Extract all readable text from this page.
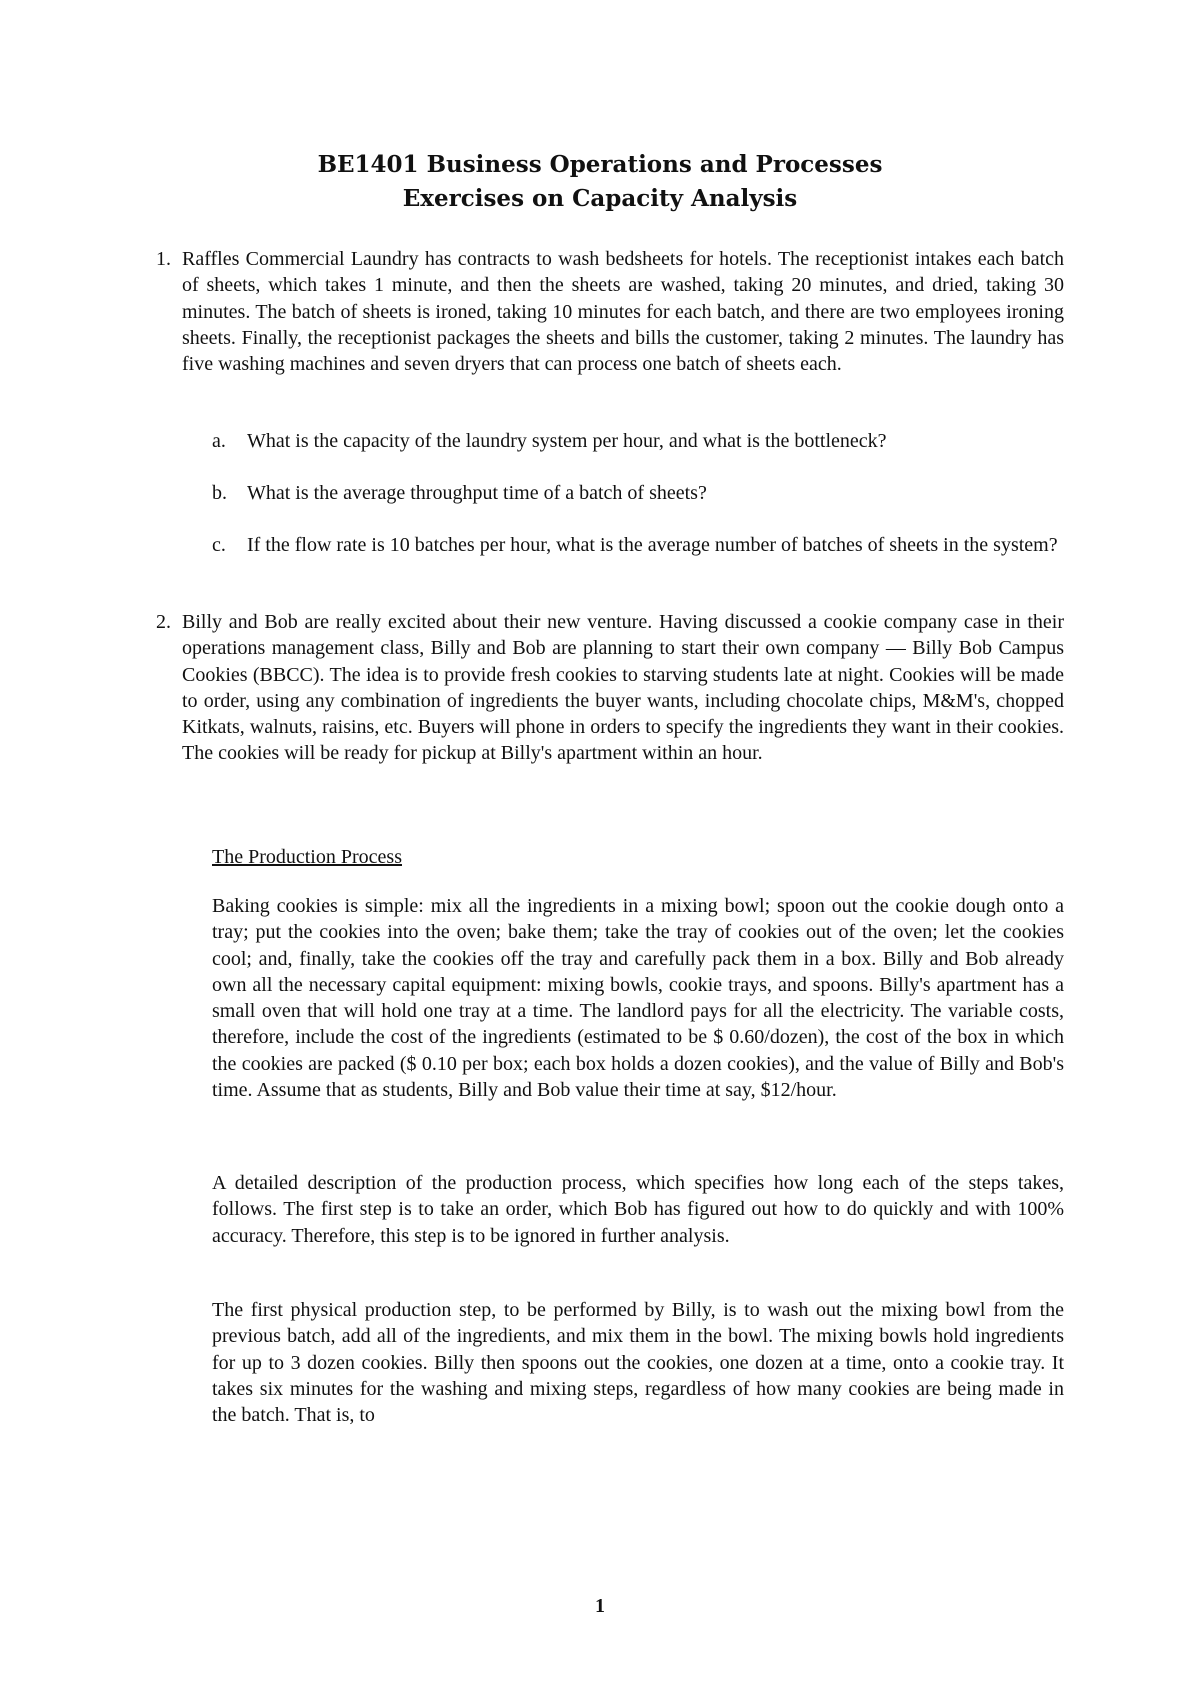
BE1401 Business Operations and Processes
Exercises on Capacity Analysis
1. Raffles Commercial Laundry has contracts to wash bedsheets for hotels. The receptionist intakes each batch of sheets, which takes 1 minute, and then the sheets are washed, taking 20 minutes, and dried, taking 30 minutes. The batch of sheets is ironed, taking 10 minutes for each batch, and there are two employees ironing sheets. Finally, the receptionist packages the sheets and bills the customer, taking 2 minutes. The laundry has five washing machines and seven dryers that can process one batch of sheets each.
a. What is the capacity of the laundry system per hour, and what is the bottleneck?
b. What is the average throughput time of a batch of sheets?
c. If the flow rate is 10 batches per hour, what is the average number of batches of sheets in the system?
2. Billy and Bob are really excited about their new venture. Having discussed a cookie company case in their operations management class, Billy and Bob are planning to start their own company — Billy Bob Campus Cookies (BBCC). The idea is to provide fresh cookies to starving students late at night. Cookies will be made to order, using any combination of ingredients the buyer wants, including chocolate chips, M&M's, chopped Kitkats, walnuts, raisins, etc. Buyers will phone in orders to specify the ingredients they want in their cookies. The cookies will be ready for pickup at Billy's apartment within an hour.
The Production Process
Baking cookies is simple: mix all the ingredients in a mixing bowl; spoon out the cookie dough onto a tray; put the cookies into the oven; bake them; take the tray of cookies out of the oven; let the cookies cool; and, finally, take the cookies off the tray and carefully pack them in a box. Billy and Bob already own all the necessary capital equipment: mixing bowls, cookie trays, and spoons. Billy's apartment has a small oven that will hold one tray at a time. The landlord pays for all the electricity. The variable costs, therefore, include the cost of the ingredients (estimated to be $ 0.60/dozen), the cost of the box in which the cookies are packed ($ 0.10 per box; each box holds a dozen cookies), and the value of Billy and Bob's time. Assume that as students, Billy and Bob value their time at say, $12/hour.
A detailed description of the production process, which specifies how long each of the steps takes, follows. The first step is to take an order, which Bob has figured out how to do quickly and with 100% accuracy. Therefore, this step is to be ignored in further analysis.
The first physical production step, to be performed by Billy, is to wash out the mixing bowl from the previous batch, add all of the ingredients, and mix them in the bowl. The mixing bowls hold ingredients for up to 3 dozen cookies. Billy then spoons out the cookies, one dozen at a time, onto a cookie tray. It takes six minutes for the washing and mixing steps, regardless of how many cookies are being made in the batch. That is, to
1
